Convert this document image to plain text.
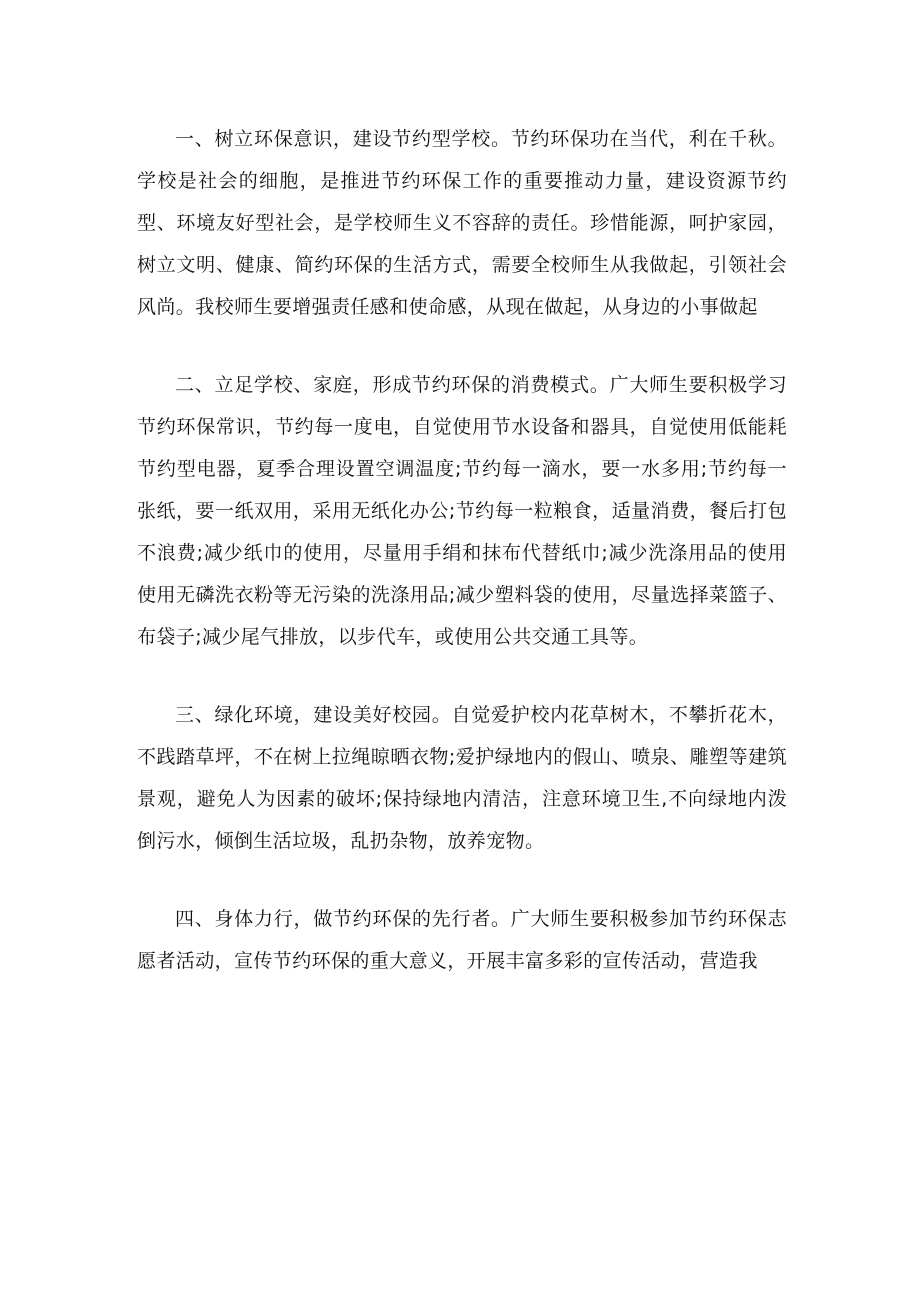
一、树立环保意识，建设节约型学校。节约环保功在当代，利在千秋。学校是社会的细胞，是推进节约环保工作的重要推动力量，建设资源节约型、环境友好型社会，是学校师生义不容辞的责任。珍惜能源，呵护家园，树立文明、健康、简约环保的生活方式，需要全校师生从我做起，引领社会风尚。我校师生要增强责任感和使命感，从现在做起，从身边的小事做起

二、立足学校、家庭，形成节约环保的消费模式。广大师生要积极学习节约环保常识，节约每一度电，自觉使用节水设备和器具，自觉使用低能耗节约型电器，夏季合理设置空调温度;节约每一滴水，要一水多用;节约每一张纸，要一纸双用，采用无纸化办公;节约每一粒粮食，适量消费，餐后打包不浪费;减少纸巾的使用，尽量用手绢和抹布代替纸巾;减少洗涤用品的使用使用无磷洗衣粉等无污染的洗涤用品;减少塑料袋的使用，尽量选择菜篮子、布袋子;减少尾气排放，以步代车，或使用公共交通工具等。

三、绿化环境，建设美好校园。自觉爱护校内花草树木，不攀折花木，不践踏草坪，不在树上拉绳晾晒衣物;爱护绿地内的假山、喷泉、雕塑等建筑景观，避免人为因素的破坏;保持绿地内清洁，注意环境卫生,不向绿地内泼倒污水，倾倒生活垃圾，乱扔杂物，放养宠物。

四、身体力行，做节约环保的先行者。广大师生要积极参加节约环保志愿者活动，宣传节约环保的重大意义，开展丰富多彩的宣传活动，营造我
